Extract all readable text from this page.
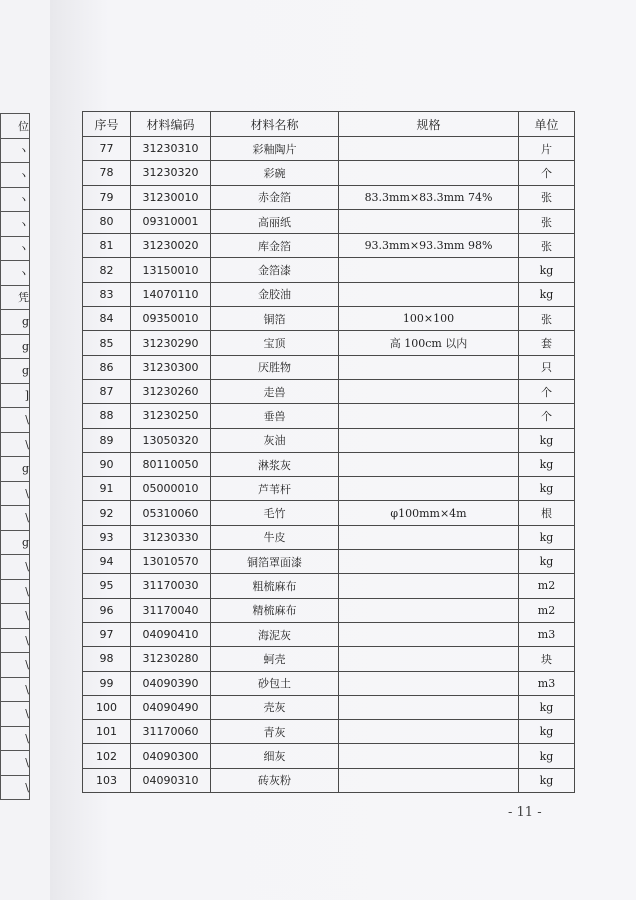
位
ヽ
ヽ
ヽ
ヽ
ヽ
ヽ
凭
g
g
g
]
\
\
g
\
\
g
\
\
\
\
\
\
\
\
\
\
序号	材料编码	材料名称	规格	单位
77	31230310	彩釉陶片		片
78	31230320	彩碗		个
79	31230010	赤金箔	83.3mm×83.3mm 74%	张
80	09310001	高丽纸		张
81	31230020	库金箔	93.3mm×93.3mm 98%	张
82	13150010	金箔漆		kg
83	14070110	金胶油		kg
84	09350010	铜箔	100×100	张
85	31230290	宝顶	高 100cm 以内	套
86	31230300	厌胜物		只
87	31230260	走兽		个
88	31230250	垂兽		个
89	13050320	灰油		kg
90	80110050	淋浆灰		kg
91	05000010	芦苇杆		kg
92	05310060	毛竹	φ100mm×4m	根
93	31230330	牛皮		kg
94	13010570	铜箔罩面漆		kg
95	31170030	粗梳麻布		m2
96	31170040	精梳麻布		m2
97	04090410	海泥灰		m3
98	31230280	蚵壳		块
99	04090390	砂包土		m3
100	04090490	壳灰		kg
101	31170060	青灰		kg
102	04090300	细灰		kg
103	04090310	砖灰粉		kg
- 11 -
